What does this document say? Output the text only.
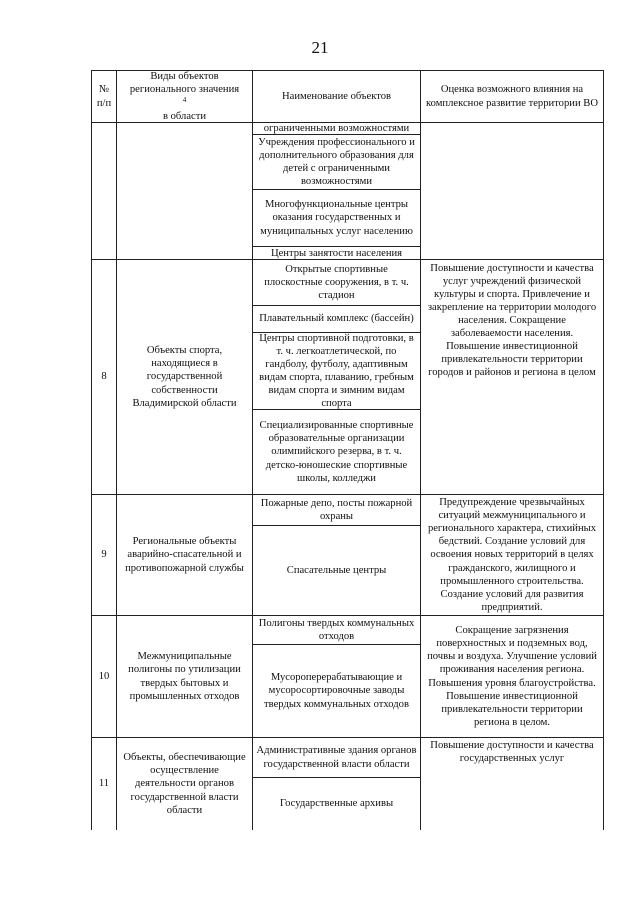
21
№ п/п
Виды объектов регионального значения
$^4$
в области
Наименование объектов
Оценка возможного влияния на комплексное развитие территории ВО
ограниченными возможностями
Учреждения профессионального и дополнительного образования для детей с ограниченными возможностями
Многофункциональные центры оказания государственных и муниципальных услуг населению
Центры занятости населения
8
Объекты спорта, находящиеся в государственной собственности Владимирской области
Открытые спортивные плоскостные сооружения, в т. ч. стадион
Плавательный комплекс (бассейн)
Центры спортивной подготовки, в т. ч. легкоатлетической, по гандболу, футболу, адаптивным видам спорта, плаванию, гребным видам спорта и зимним видам спорта
Специализированные спортивные образовательные организации олимпийского резерва, в т. ч. детско-юношеские спортивные школы, колледжи
Повышение доступности и качества услуг учреждений физической культуры и спорта. Привлечение и закрепление на территории молодого населения. Сокращение заболеваемости населения. Повышение инвестиционной привлекательности территории городов и районов и региона в целом
9
Региональные объекты аварийно-спасательной и противопожарной службы
Пожарные депо, посты пожарной охраны
Спасательные центры
Предупреждение чрезвычайных ситуаций межмуниципального и регионального характера, стихийных бедствий. Создание условий для освоения новых территорий в целях гражданского, жилищного и промышленного строительства. Создание условий для развития предприятий.
10
Межмуниципальные полигоны по утилизации твердых бытовых и промышленных отходов
Полигоны твердых коммунальных отходов
Мусороперерабатывающие и мусоросортировочные заводы твердых коммунальных отходов
Сокращение загрязнения поверхностных и подземных вод, почвы и воздуха. Улучшение условий проживания населения региона. Повышения уровня благоустройства. Повышение инвестиционной привлекательности территории региона в целом.
11
Объекты, обеспечивающие осуществление деятельности органов государственной власти области
Административные здания органов государственной власти области
Государственные архивы
Повышение доступности и качества государственных услуг
